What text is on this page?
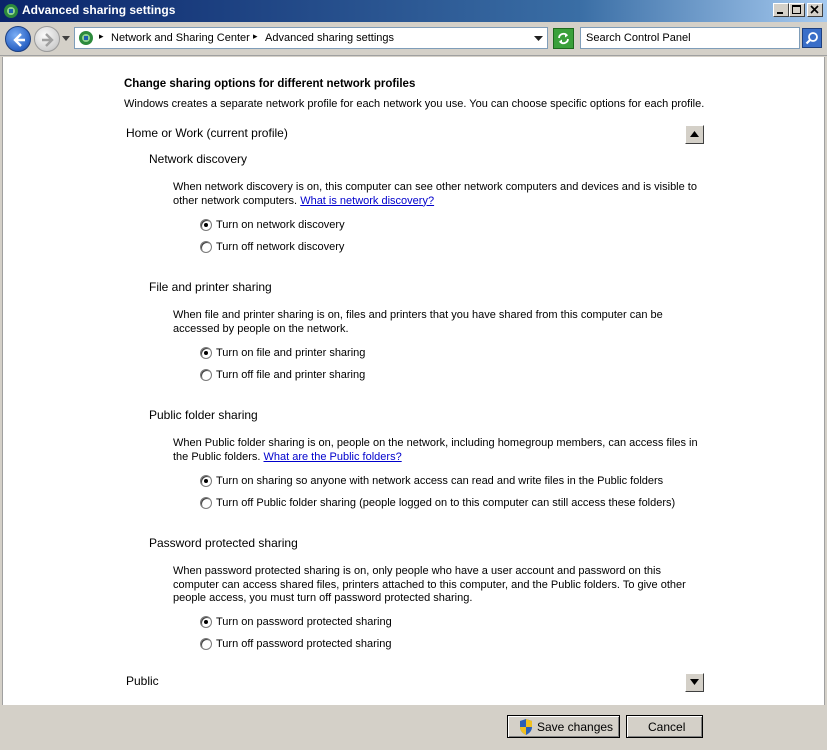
Advanced sharing settings
▸ Network and Sharing Center ▸ Advanced sharing settings
Search Control Panel
Change sharing options for different network profiles
Windows creates a separate network profile for each network you use. You can choose specific options for each profile.
Home or Work (current profile)
Network discovery
When network discovery is on, this computer can see other network computers and devices and is visible to other network computers. What is network discovery?
Turn on network discovery
Turn off network discovery
File and printer sharing
When file and printer sharing is on, files and printers that you have shared from this computer can be accessed by people on the network.
Turn on file and printer sharing
Turn off file and printer sharing
Public folder sharing
When Public folder sharing is on, people on the network, including homegroup members, can access files in the Public folders. What are the Public folders?
Turn on sharing so anyone with network access can read and write files in the Public folders
Turn off Public folder sharing (people logged on to this computer can still access these folders)
Password protected sharing
When password protected sharing is on, only people who have a user account and password on this computer can access shared files, printers attached to this computer, and the Public folders. To give other people access, you must turn off password protected sharing.
Turn on password protected sharing
Turn off password protected sharing
Public
Save changes	Cancel
